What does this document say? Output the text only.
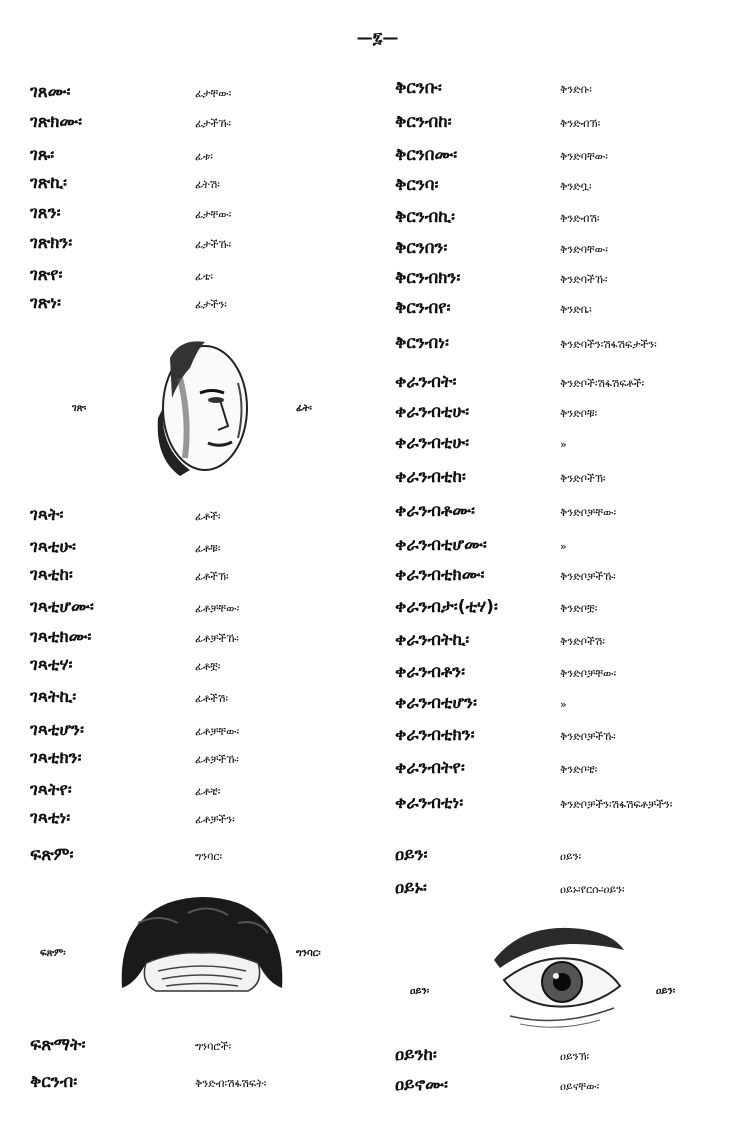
—፯—
ገጸሙ፡	ፊታቸው፡
ገጽክሙ፡	ፊታችኹ፡
ገጹ፡	ፊቱ፡
ገጽኪ፡	ፊትሽ፡
ገጸን፡	ፊታቸው፡
ገጽክን፡	ፊታችኹ፡
ገጽየ፡	ፊቴ፡
ገጽነ፡	ፊታችን፡
ገጽ፡	ፊት፡
ገጻት፡	ፊቶች፡
ገጻቲሁ፡	ፊቶቹ፡
ገጻቲከ፡	ፊቶችኽ፡
ገጻቲሆሙ፡	ፊቶቻቸው፡
ገጻቲክሙ፡	ፊቶቻችኹ፡
ገጻቲሃ፡	ፊቶቿ፡
ገጻትኪ፡	ፊቶችሽ፡
ገጻቲሆን፡	ፊቶቻቸው፡
ገጻቲክን፡	ፊቶቻችኹ፡
ገጻትየ፡	ፊቶቼ፡
ገጻቲነ፡	ፊቶቻችን፡
ፍጽም፡	ግንባር፡
ፍጽም፡	ግንባር፡
ፍጽማት፡	ግንባሮች፡
ቅርንብ፡	ቅንድብ፡ሽፋሽፍት፡
ቅርንቡ፡	ቅንድቡ፡
ቅርንብከ፡	ቅንድብኽ፡
ቅርንበሙ፡	ቅንድባቸው፡
ቅርንባ፡	ቅንድቧ፡
ቅርንብኪ፡	ቅንድብሽ፡
ቅርንበን፡	ቅንድባቸው፡
ቅርንብክን፡	ቅንድባችኹ፡
ቅርንብየ፡	ቅንድቤ፡
ቅርንብነ፡	ቅንድባችን፡ሽፋሽፍታችን፡
ቀራንብት፡	ቅንድቦች፡ሽፋሽፍቶች፡
ቀራንብቲሁ፡	ቅንድቦቹ፡
ቀራንብቲሁ፡	»
ቀራንብቲከ፡	ቅንድቦችኽ፡
ቀራንብቶሙ፡	ቅንድቦቻቸው፡
ቀራንብቲሆሙ፡	»
ቀራንብቲክሙ፡	ቅንድቦቻችኹ፡
ቀራንብታ፡(ቲሃ)፡	ቅንድቦቿ፡
ቀራንብትኪ፡	ቅንድቦችሽ፡
ቀራንብቶን፡	ቅንድቦቻቸው፡
ቀራንብቲሆን፡	»
ቀራንብቲክን፡	ቅንድቦቻችኹ፡
ቀራንብትየ፡	ቅንድቦቼ፡
ቀራንብቲነ፡	ቅንድቦቻችን፡ሽፋሽፍቶቻችን፡
ዐይን፡	ዐይን፡
ዐይኑ፡	ዐይኑ፡የርሱ፡ዐይን፡
ዐይን፡	ዐይን፡
ዐይንከ፡	ዐይንኽ፡
ዐይኖሙ፡	ዐይናቸው፡
